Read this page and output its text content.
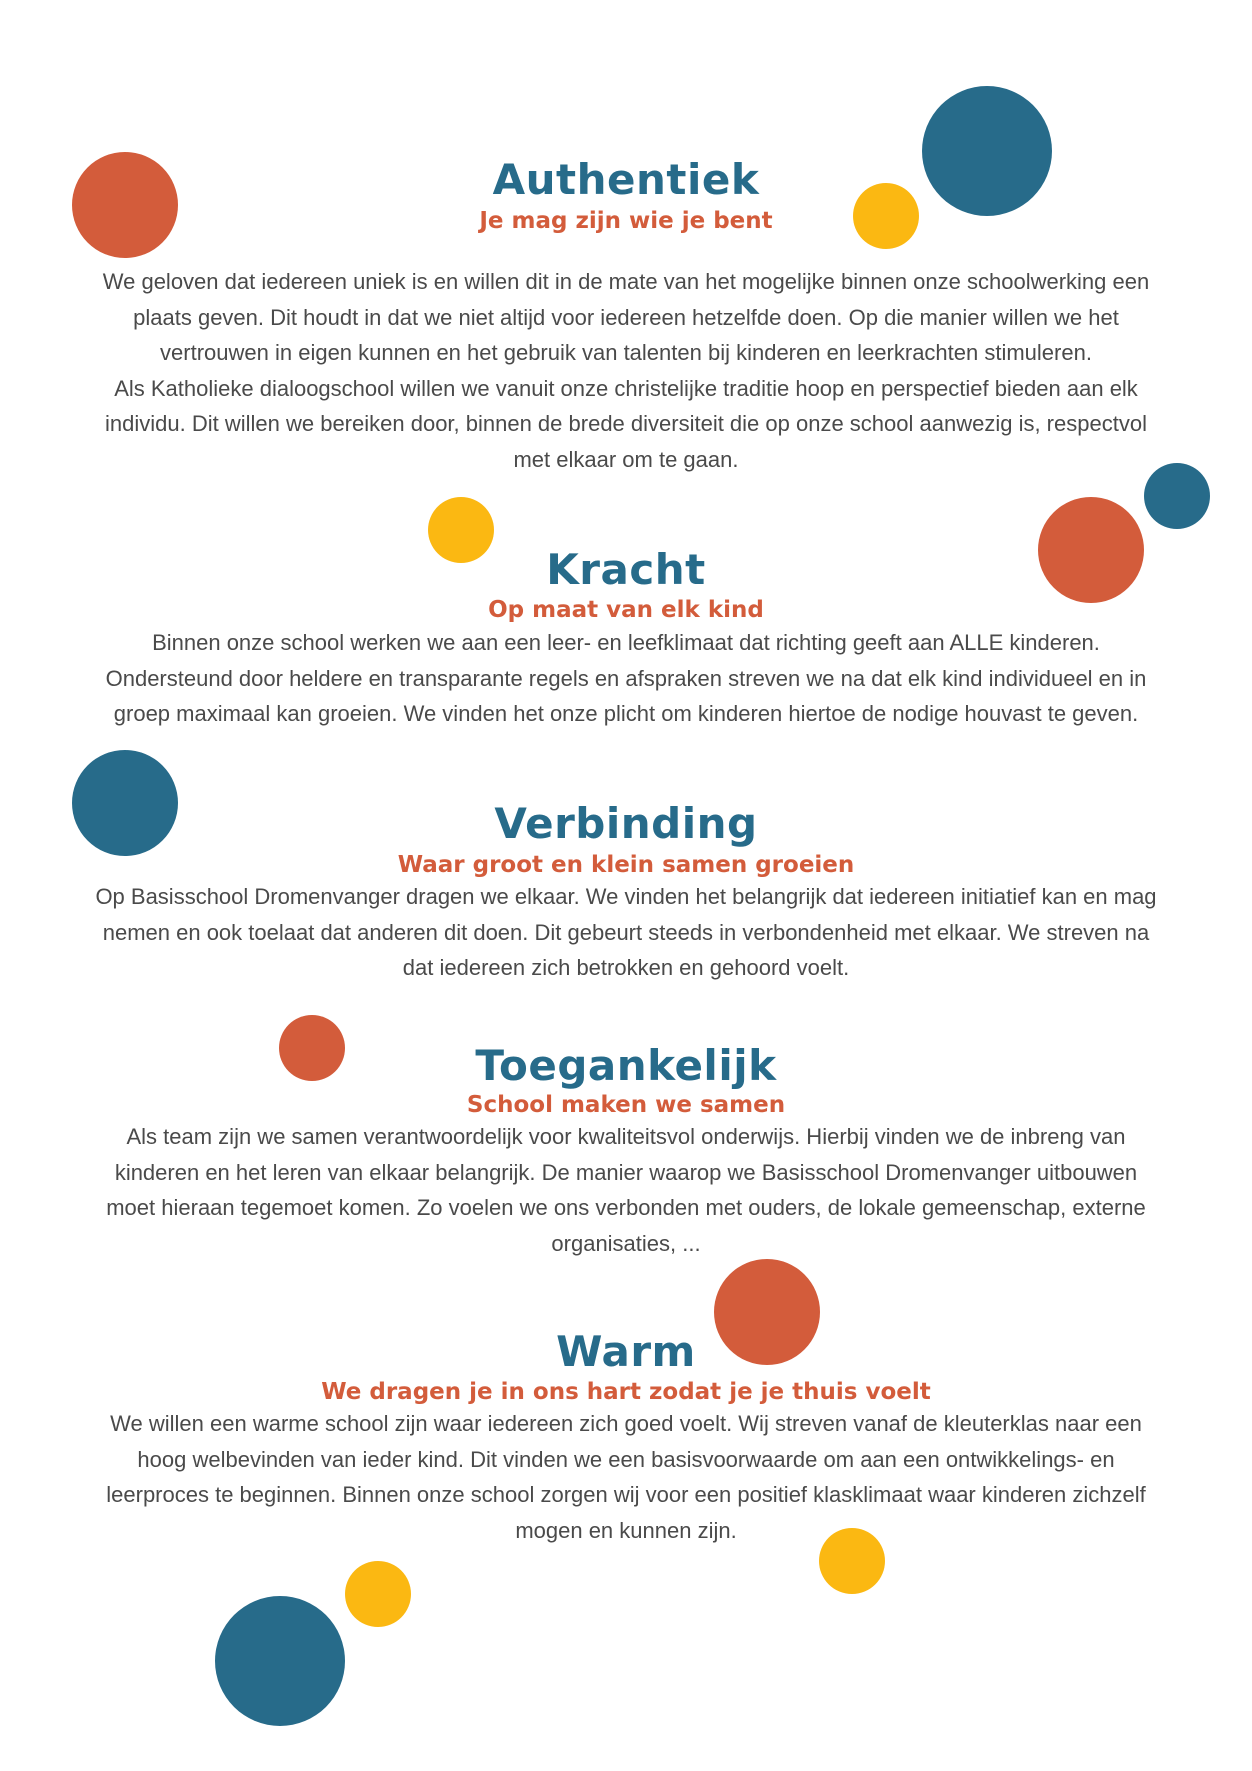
Authentiek
Je mag zijn wie je bent
We geloven dat iedereen uniek is en willen dit in de mate van het mogelijke binnen onze schoolwerking een
plaats geven. Dit houdt in dat we niet altijd voor iedereen hetzelfde doen. Op die manier willen we het
vertrouwen in eigen kunnen en het gebruik van talenten bij kinderen en leerkrachten stimuleren.
Als Katholieke dialoogschool willen we vanuit onze christelijke traditie hoop en perspectief bieden aan elk
individu. Dit willen we bereiken door, binnen de brede diversiteit die op onze school aanwezig is, respectvol
met elkaar om te gaan.
Kracht
Op maat van elk kind
Binnen onze school werken we aan een leer- en leefklimaat dat richting geeft aan ALLE kinderen.
Ondersteund door heldere en transparante regels en afspraken streven we na dat elk kind individueel en in
groep maximaal kan groeien. We vinden het onze plicht om kinderen hiertoe de nodige houvast te geven.
Verbinding
Waar groot en klein samen groeien
Op Basisschool Dromenvanger dragen we elkaar. We vinden het belangrijk dat iedereen initiatief kan en mag
nemen en ook toelaat dat anderen dit doen. Dit gebeurt steeds in verbondenheid met elkaar. We streven na
dat iedereen zich betrokken en gehoord voelt.
Toegankelijk
School maken we samen
Als team zijn we samen verantwoordelijk voor kwaliteitsvol onderwijs. Hierbij vinden we de inbreng van
kinderen en het leren van elkaar belangrijk. De manier waarop we Basisschool Dromenvanger uitbouwen
moet hieraan tegemoet komen. Zo voelen we ons verbonden met ouders, de lokale gemeenschap, externe
organisaties, ...
Warm
We dragen je in ons hart zodat je je thuis voelt
We willen een warme school zijn waar iedereen zich goed voelt. Wij streven vanaf de kleuterklas naar een
hoog welbevinden van ieder kind. Dit vinden we een basisvoorwaarde om aan een ontwikkelings- en
leerproces te beginnen. Binnen onze school zorgen wij voor een positief klasklimaat waar kinderen zichzelf
mogen en kunnen zijn.
